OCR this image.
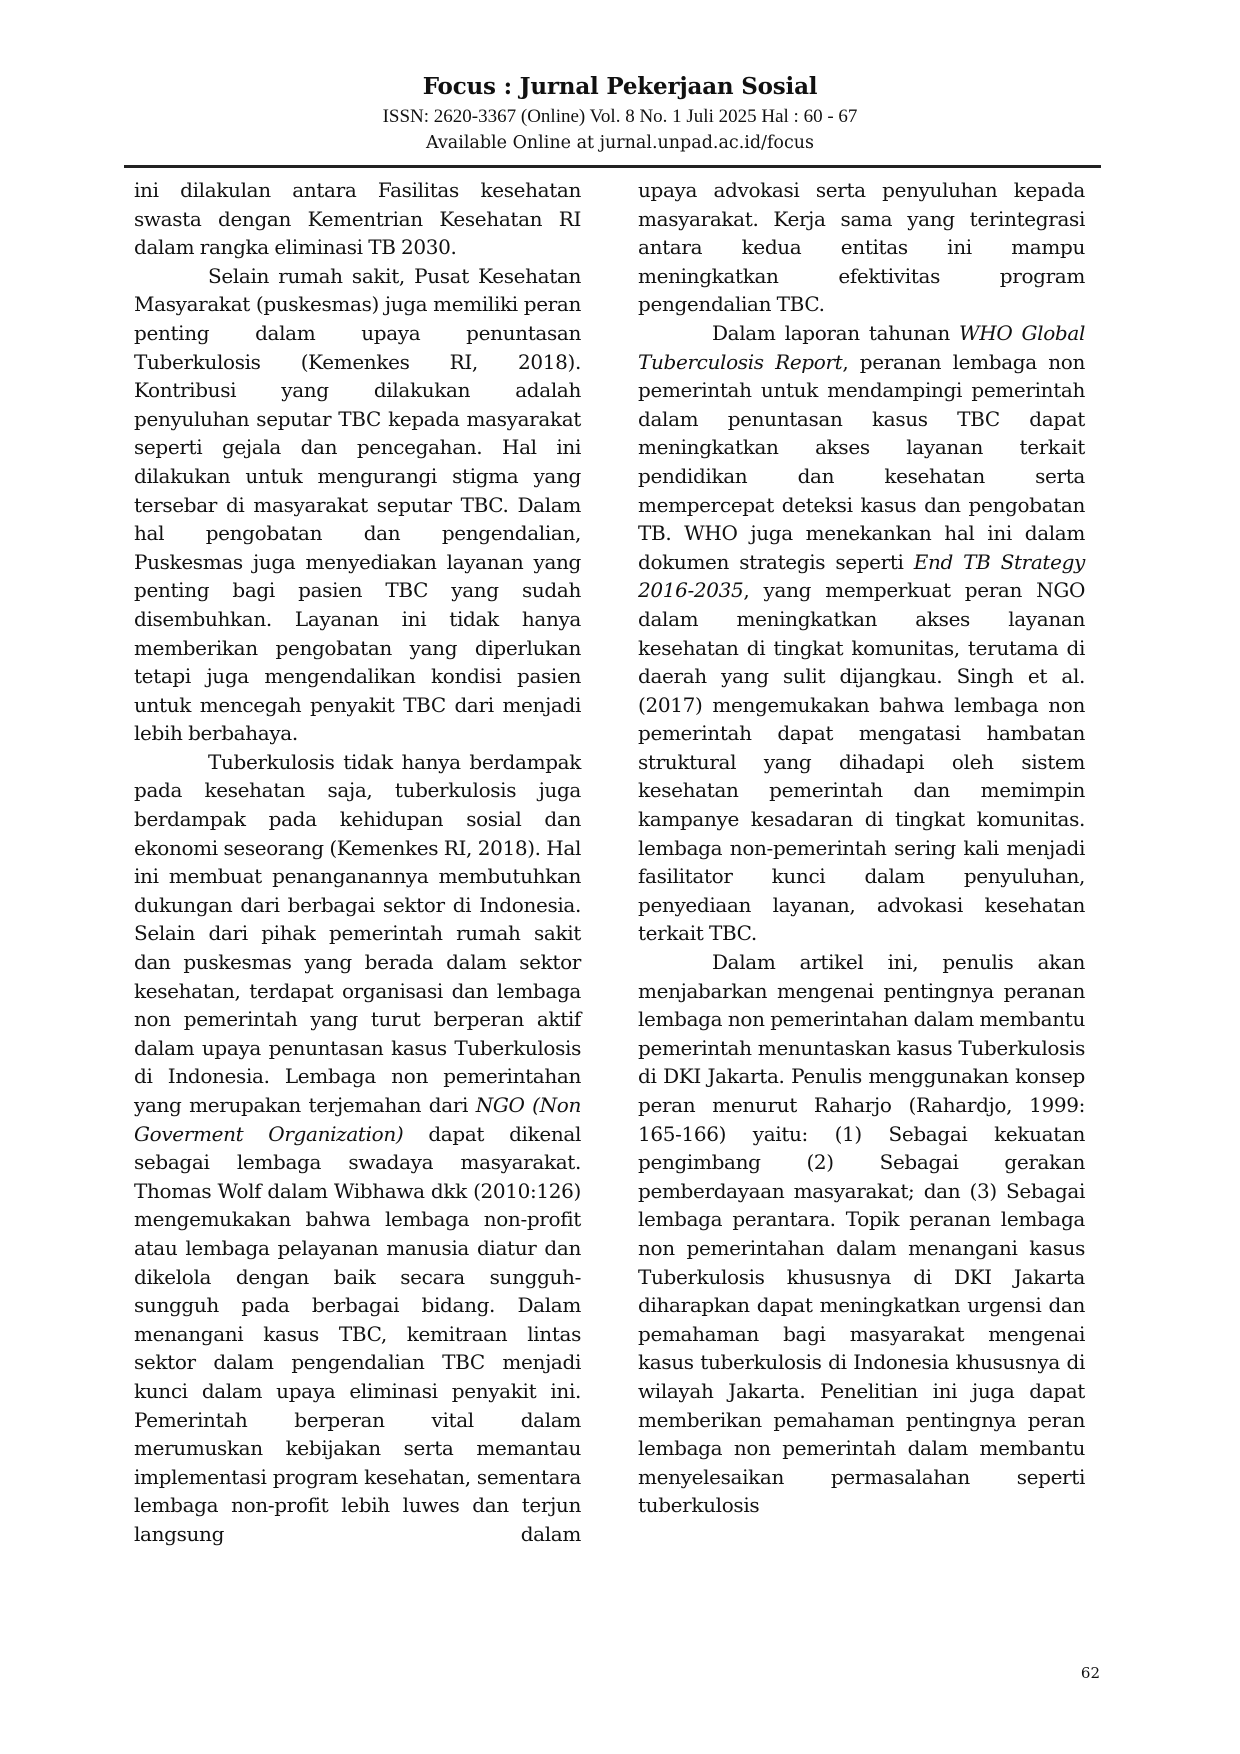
Focus : Jurnal Pekerjaan Sosial
ISSN: 2620-3367 (Online) Vol. 8 No. 1 Juli 2025 Hal : 60 - 67
Available Online at jurnal.unpad.ac.id/focus

ini dilakulan antara Fasilitas kesehatan swasta dengan Kementrian Kesehatan RI dalam rangka eliminasi TB 2030.

Selain rumah sakit, Pusat Kesehatan Masyarakat (puskesmas) juga memiliki peran penting dalam upaya penuntasan Tuberkulosis (Kemenkes RI, 2018). Kontribusi yang dilakukan adalah penyuluhan seputar TBC kepada masyarakat seperti gejala dan pencegahan. Hal ini dilakukan untuk mengurangi stigma yang tersebar di masyarakat seputar TBC. Dalam hal pengobatan dan pengendalian, Puskesmas juga menyediakan layanan yang penting bagi pasien TBC yang sudah disembuhkan. Layanan ini tidak hanya memberikan pengobatan yang diperlukan tetapi juga mengendalikan kondisi pasien untuk mencegah penyakit TBC dari menjadi lebih berbahaya.

Tuberkulosis tidak hanya berdampak pada kesehatan saja, tuberkulosis juga berdampak pada kehidupan sosial dan ekonomi seseorang (Kemenkes RI, 2018). Hal ini membuat penanganannya membutuhkan dukungan dari berbagai sektor di Indonesia. Selain dari pihak pemerintah rumah sakit dan puskesmas yang berada dalam sektor kesehatan, terdapat organisasi dan lembaga non pemerintah yang turut berperan aktif dalam upaya penuntasan kasus Tuberkulosis di Indonesia. Lembaga non pemerintahan yang merupakan terjemahan dari NGO (Non Goverment Organization) dapat dikenal sebagai lembaga swadaya masyarakat. Thomas Wolf dalam Wibhawa dkk (2010:126) mengemukakan bahwa lembaga non-profit atau lembaga pelayanan manusia diatur dan dikelola dengan baik secara sungguh-sungguh pada berbagai bidang. Dalam menangani kasus TBC, kemitraan lintas sektor dalam pengendalian TBC menjadi kunci dalam upaya eliminasi penyakit ini. Pemerintah berperan vital dalam merumuskan kebijakan serta memantau implementasi program kesehatan, sementara lembaga non-profit lebih luwes dan terjun langsung dalam

upaya advokasi serta penyuluhan kepada masyarakat. Kerja sama yang terintegrasi antara kedua entitas ini mampu meningkatkan efektivitas program pengendalian TBC.

Dalam laporan tahunan WHO Global Tuberculosis Report, peranan lembaga non pemerintah untuk mendampingi pemerintah dalam penuntasan kasus TBC dapat meningkatkan akses layanan terkait pendidikan dan kesehatan serta mempercepat deteksi kasus dan pengobatan TB. WHO juga menekankan hal ini dalam dokumen strategis seperti End TB Strategy 2016-2035, yang memperkuat peran NGO dalam meningkatkan akses layanan kesehatan di tingkat komunitas, terutama di daerah yang sulit dijangkau. Singh et al. (2017) mengemukakan bahwa lembaga non pemerintah dapat mengatasi hambatan struktural yang dihadapi oleh sistem kesehatan pemerintah dan memimpin kampanye kesadaran di tingkat komunitas. lembaga non-pemerintah sering kali menjadi fasilitator kunci dalam penyuluhan, penyediaan layanan, advokasi kesehatan terkait TBC.

Dalam artikel ini, penulis akan menjabarkan mengenai pentingnya peranan lembaga non pemerintahan dalam membantu pemerintah menuntaskan kasus Tuberkulosis di DKI Jakarta. Penulis menggunakan konsep peran menurut Raharjo (Rahardjo, 1999: 165-166) yaitu: (1) Sebagai kekuatan pengimbang (2) Sebagai gerakan pemberdayaan masyarakat; dan (3) Sebagai lembaga perantara. Topik peranan lembaga non pemerintahan dalam menangani kasus Tuberkulosis khususnya di DKI Jakarta diharapkan dapat meningkatkan urgensi dan pemahaman bagi masyarakat mengenai kasus tuberkulosis di Indonesia khususnya di wilayah Jakarta. Penelitian ini juga dapat memberikan pemahaman pentingnya peran lembaga non pemerintah dalam membantu menyelesaikan permasalahan seperti tuberkulosis

62
